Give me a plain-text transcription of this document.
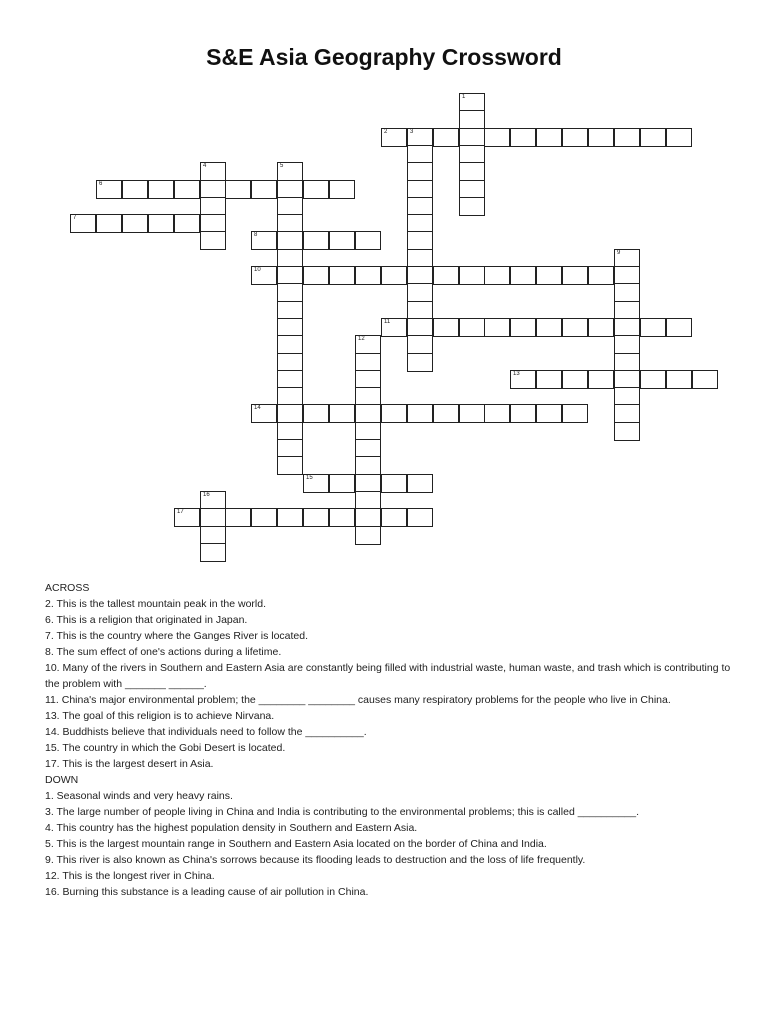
S&E Asia Geography Crossword
1
2	3
4	5
6
7
8
9
10
11
12
13
14
15
16
17

ACROSS

2. This is the tallest mountain peak in the world.

6. This is a religion that originated in Japan.

7. This is the country where the Ganges River is located.

8. The sum effect of one's actions during a lifetime.

10. Many of the rivers in Southern and Eastern Asia are constantly being filled with industrial waste, human waste, and trash which is contributing to the problem with _______ ______.

11. China's major environmental problem; the ________ ________ causes many respiratory problems for the people who live in China.

13. The goal of this religion is to achieve Nirvana.

14. Buddhists believe that individuals need to follow the __________.

15. The country in which the Gobi Desert is located.

17. This is the largest desert in Asia.

DOWN

1. Seasonal winds and very heavy rains.

3. The large number of people living in China and India is contributing to the environmental problems; this is called __________.

4. This country has the highest population density in Southern and Eastern Asia.

5. This is the largest mountain range in Southern and Eastern Asia located on the border of China and India.

9. This river is also known as China's sorrows because its flooding leads to destruction and the loss of life frequently.

12. This is the longest river in China.

16. Burning this substance is a leading cause of air pollution in China.
